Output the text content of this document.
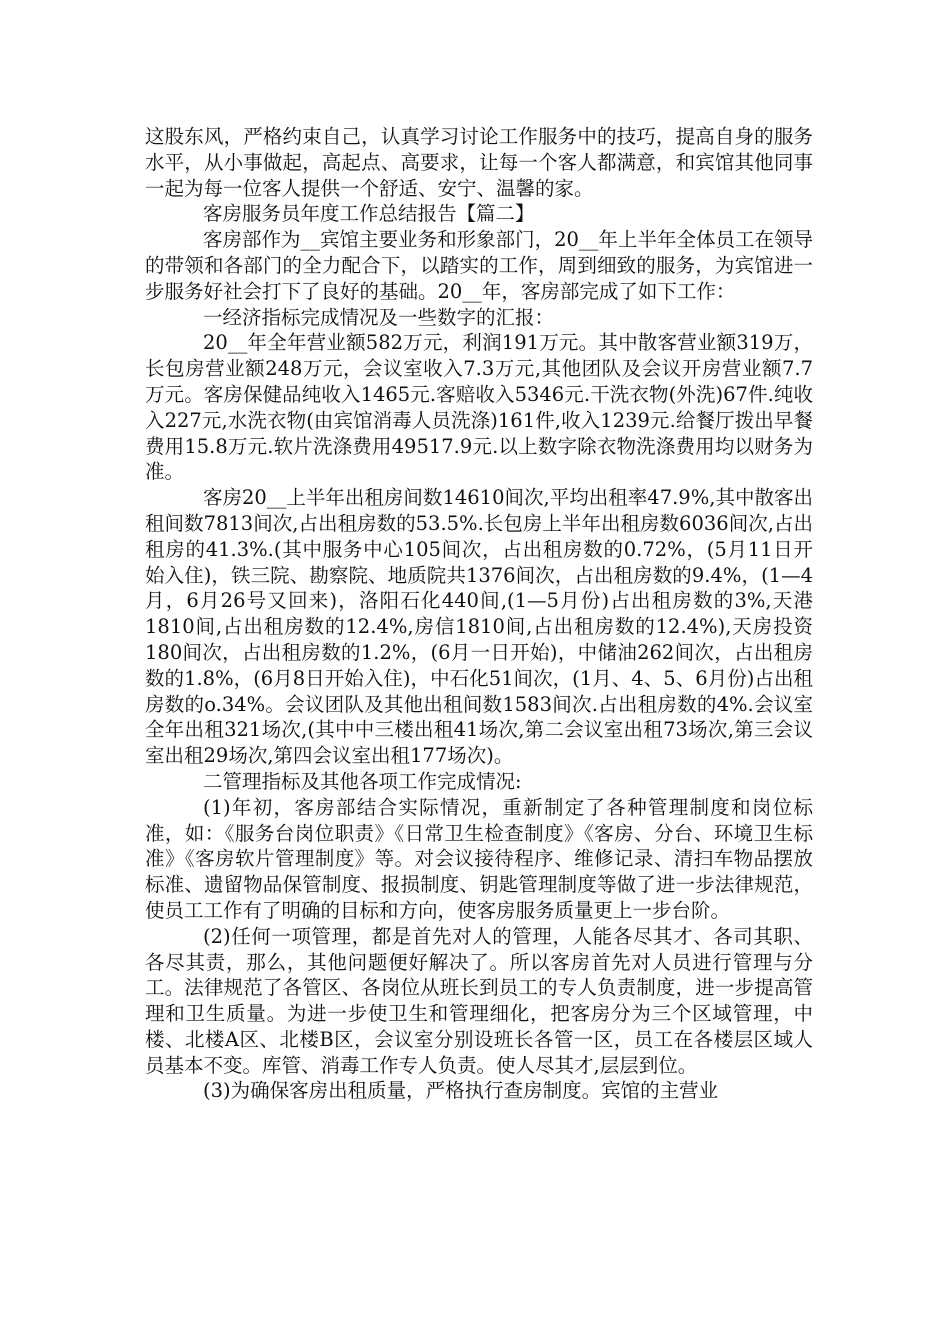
这股东风，严格约束自己，认真学习讨论工作服务中的技巧，提高自身的服务水平，从小事做起，高起点、高要求，让每一个客人都满意，和宾馆其他同事一起为每一位客人提供一个舒适、安宁、温馨的家。

客房服务员年度工作总结报告【篇二】

客房部作为__宾馆主要业务和形象部门，20__年上半年全体员工在领导的带领和各部门的全力配合下，以踏实的工作，周到细致的服务，为宾馆进一步服务好社会打下了良好的基础。20__年，客房部完成了如下工作：

一经济指标完成情况及一些数字的汇报：

20__年全年营业额582万元，利润191万元。其中散客营业额319万，长包房营业额248万元，会议室收入7.3万元,其他团队及会议开房营业额7.7万元。客房保健品纯收入1465元.客赔收入5346元.干洗衣物(外洗)67件.纯收入227元,水洗衣物(由宾馆消毒人员洗涤)161件,收入1239元.给餐厅拨出早餐费用15.8万元.软片洗涤费用49517.9元.以上数字除衣物洗涤费用均以财务为准。

客房20__上半年出租房间数14610间次,平均出租率47.9%,其中散客出租间数7813间次,占出租房数的53.5%.长包房上半年出租房数6036间次,占出租房的41.3%.(其中服务中心105间次，占出租房数的0.72%，(5月11日开始入住)，铁三院、勘察院、地质院共1376间次，占出租房数的9.4%，(1—4月，6月26号又回来)，洛阳石化440间,(1—5月份)占出租房数的3%,天港1810间,占出租房数的12.4%,房信1810间,占出租房数的12.4%),天房投资180间次，占出租房数的1.2%，(6月一日开始)，中储油262间次，占出租房数的1.8%，(6月8日开始入住)，中石化51间次，(1月、4、5、6月份)占出租房数的o.34%。会议团队及其他出租间数1583间次.占出租房数的4%.会议室全年出租321场次,(其中中三楼出租41场次,第二会议室出租73场次,第三会议室出租29场次,第四会议室出租177场次)。

二管理指标及其他各项工作完成情况:

(1)年初，客房部结合实际情况，重新制定了各种管理制度和岗位标准，如：《服务台岗位职责》《日常卫生检查制度》《客房、分台、环境卫生标准》《客房软片管理制度》等。对会议接待程序、维修记录、清扫车物品摆放标准、遗留物品保管制度、报损制度、钥匙管理制度等做了进一步法律规范，使员工工作有了明确的目标和方向，使客房服务质量更上一步台阶。

(2)任何一项管理，都是首先对人的管理，人能各尽其才、各司其职、各尽其责，那么，其他问题便好解决了。所以客房首先对人员进行管理与分工。法律规范了各管区、各岗位从班长到员工的专人负责制度，进一步提高管理和卫生质量。为进一步使卫生和管理细化，把客房分为三个区域管理，中楼、北楼A区、北楼B区，会议室分别设班长各管一区，员工在各楼层区域人员基本不变。库管、消毒工作专人负责。使人尽其才,层层到位。

(3)为确保客房出租质量，严格执行查房制度。宾馆的主营业
